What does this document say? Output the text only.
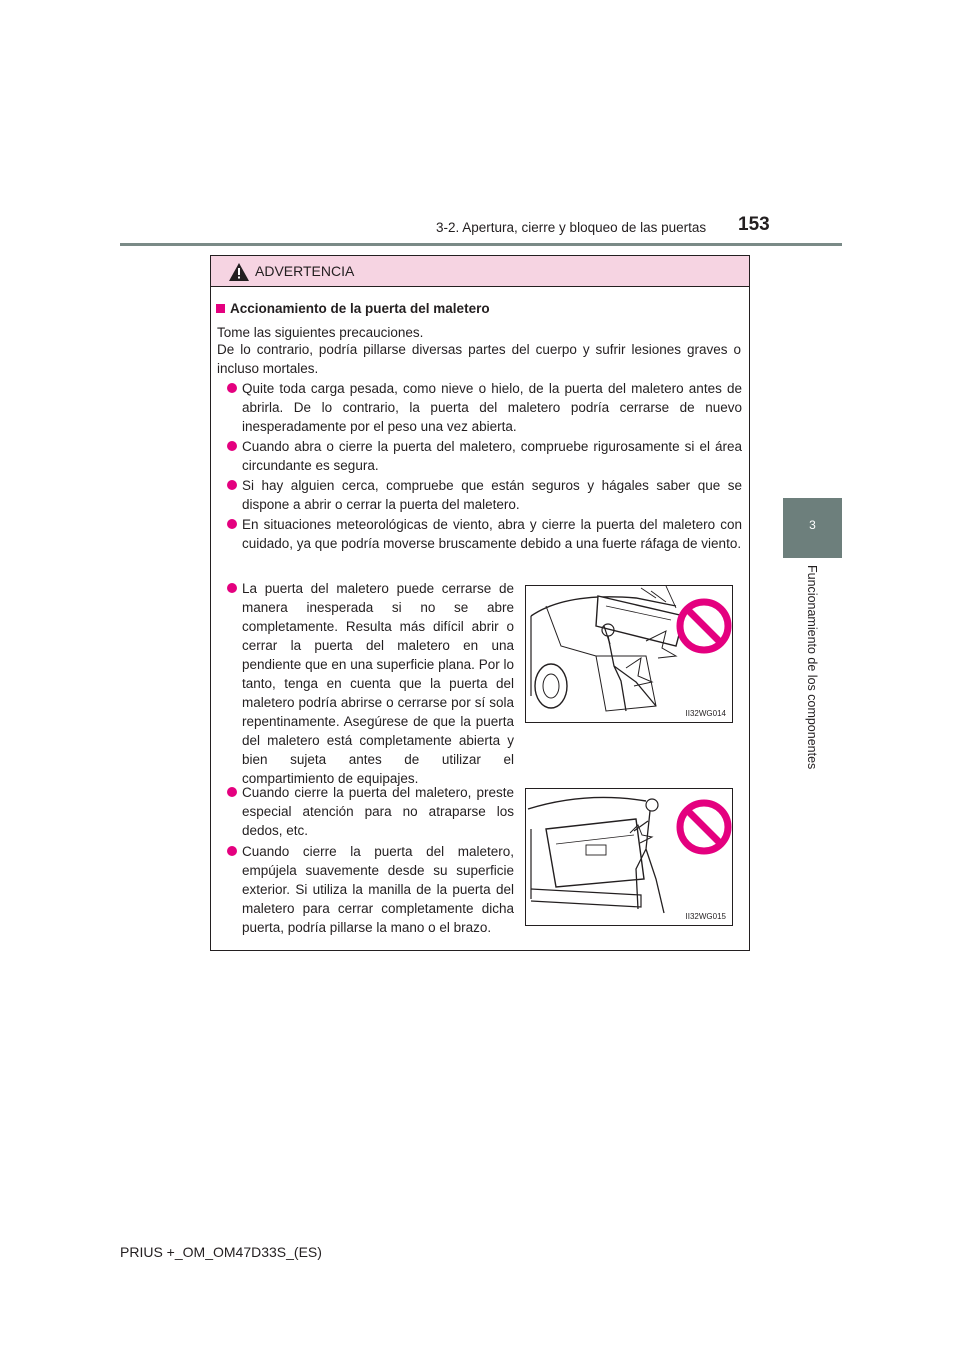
3-2. Apertura, cierre y bloqueo de las puertas 153
3
Funcionamiento de los componentes
ADVERTENCIA
Accionamiento de la puerta del maletero
Tome las siguientes precauciones.
De lo contrario, podría pillarse diversas partes del cuerpo y sufrir lesiones graves o incluso mortales.
Quite toda carga pesada, como nieve o hielo, de la puerta del maletero antes de abrirla. De lo contrario, la puerta del maletero podría cerrarse de nuevo inesperadamente por el peso una vez abierta.
Cuando abra o cierre la puerta del maletero, compruebe rigurosamente si el área circundante es segura.
Si hay alguien cerca, compruebe que están seguros y hágales saber que se dispone a abrir o cerrar la puerta del maletero.
En situaciones meteorológicas de viento, abra y cierre la puerta del maletero con cuidado, ya que podría moverse bruscamente debido a una fuerte ráfaga de viento.
La puerta del maletero puede cerrarse de manera inesperada si no se abre completamente. Resulta más difícil abrir o cerrar la puerta del maletero en una pendiente que en una superficie plana. Por lo tanto, tenga en cuenta que la puerta del maletero podría abrirse o cerrarse por sí sola repentinamente. Asegúrese de que la puerta del maletero está completamente abierta y bien sujeta antes de utilizar el compartimiento de equipajes.
II32WG014
Cuando cierre la puerta del maletero, preste especial atención para no atraparse los dedos, etc.
Cuando cierre la puerta del maletero, empújela suavemente desde su superficie exterior. Si utiliza la manilla de la puerta del maletero para cerrar completamente dicha puerta, podría pillarse la mano o el brazo.
II32WG015
PRIUS +_OM_OM47D33S_(ES)
